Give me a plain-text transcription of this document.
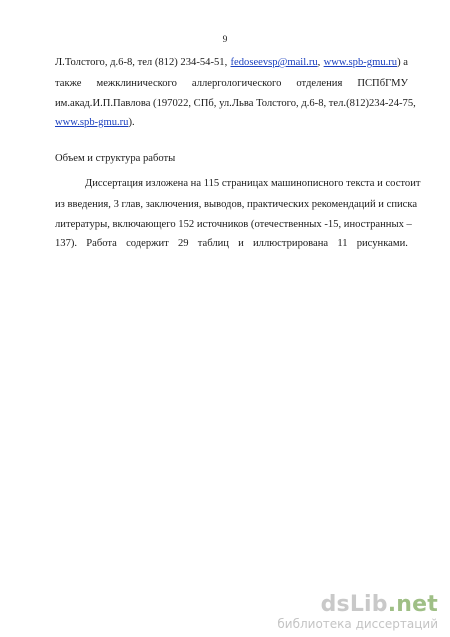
9
Л.Толстого, д.6-8, тел (812) 234-54-51, fedoseevsp@mail.ru, www.spb-gmu.ru) а
также межклинического аллергологического отделения ПСПбГМУ
им.акад.И.П.Павлова (197022, СПб, ул.Льва Толстого, д.6-8, тел.(812)234-24-75,
www.spb-gmu.ru).
Объем и структура работы
Диссертация изложена на 115 страницах машинописного текста и состоит
из введения, 3 глав, заключения, выводов, практических рекомендаций и списка
литературы, включающего 152 источников (отечественных -15, иностранных –
137). Работа содержит 29 таблиц и иллюстрирована 11 рисунками.
dsLib.net
библиотека диссертаций
